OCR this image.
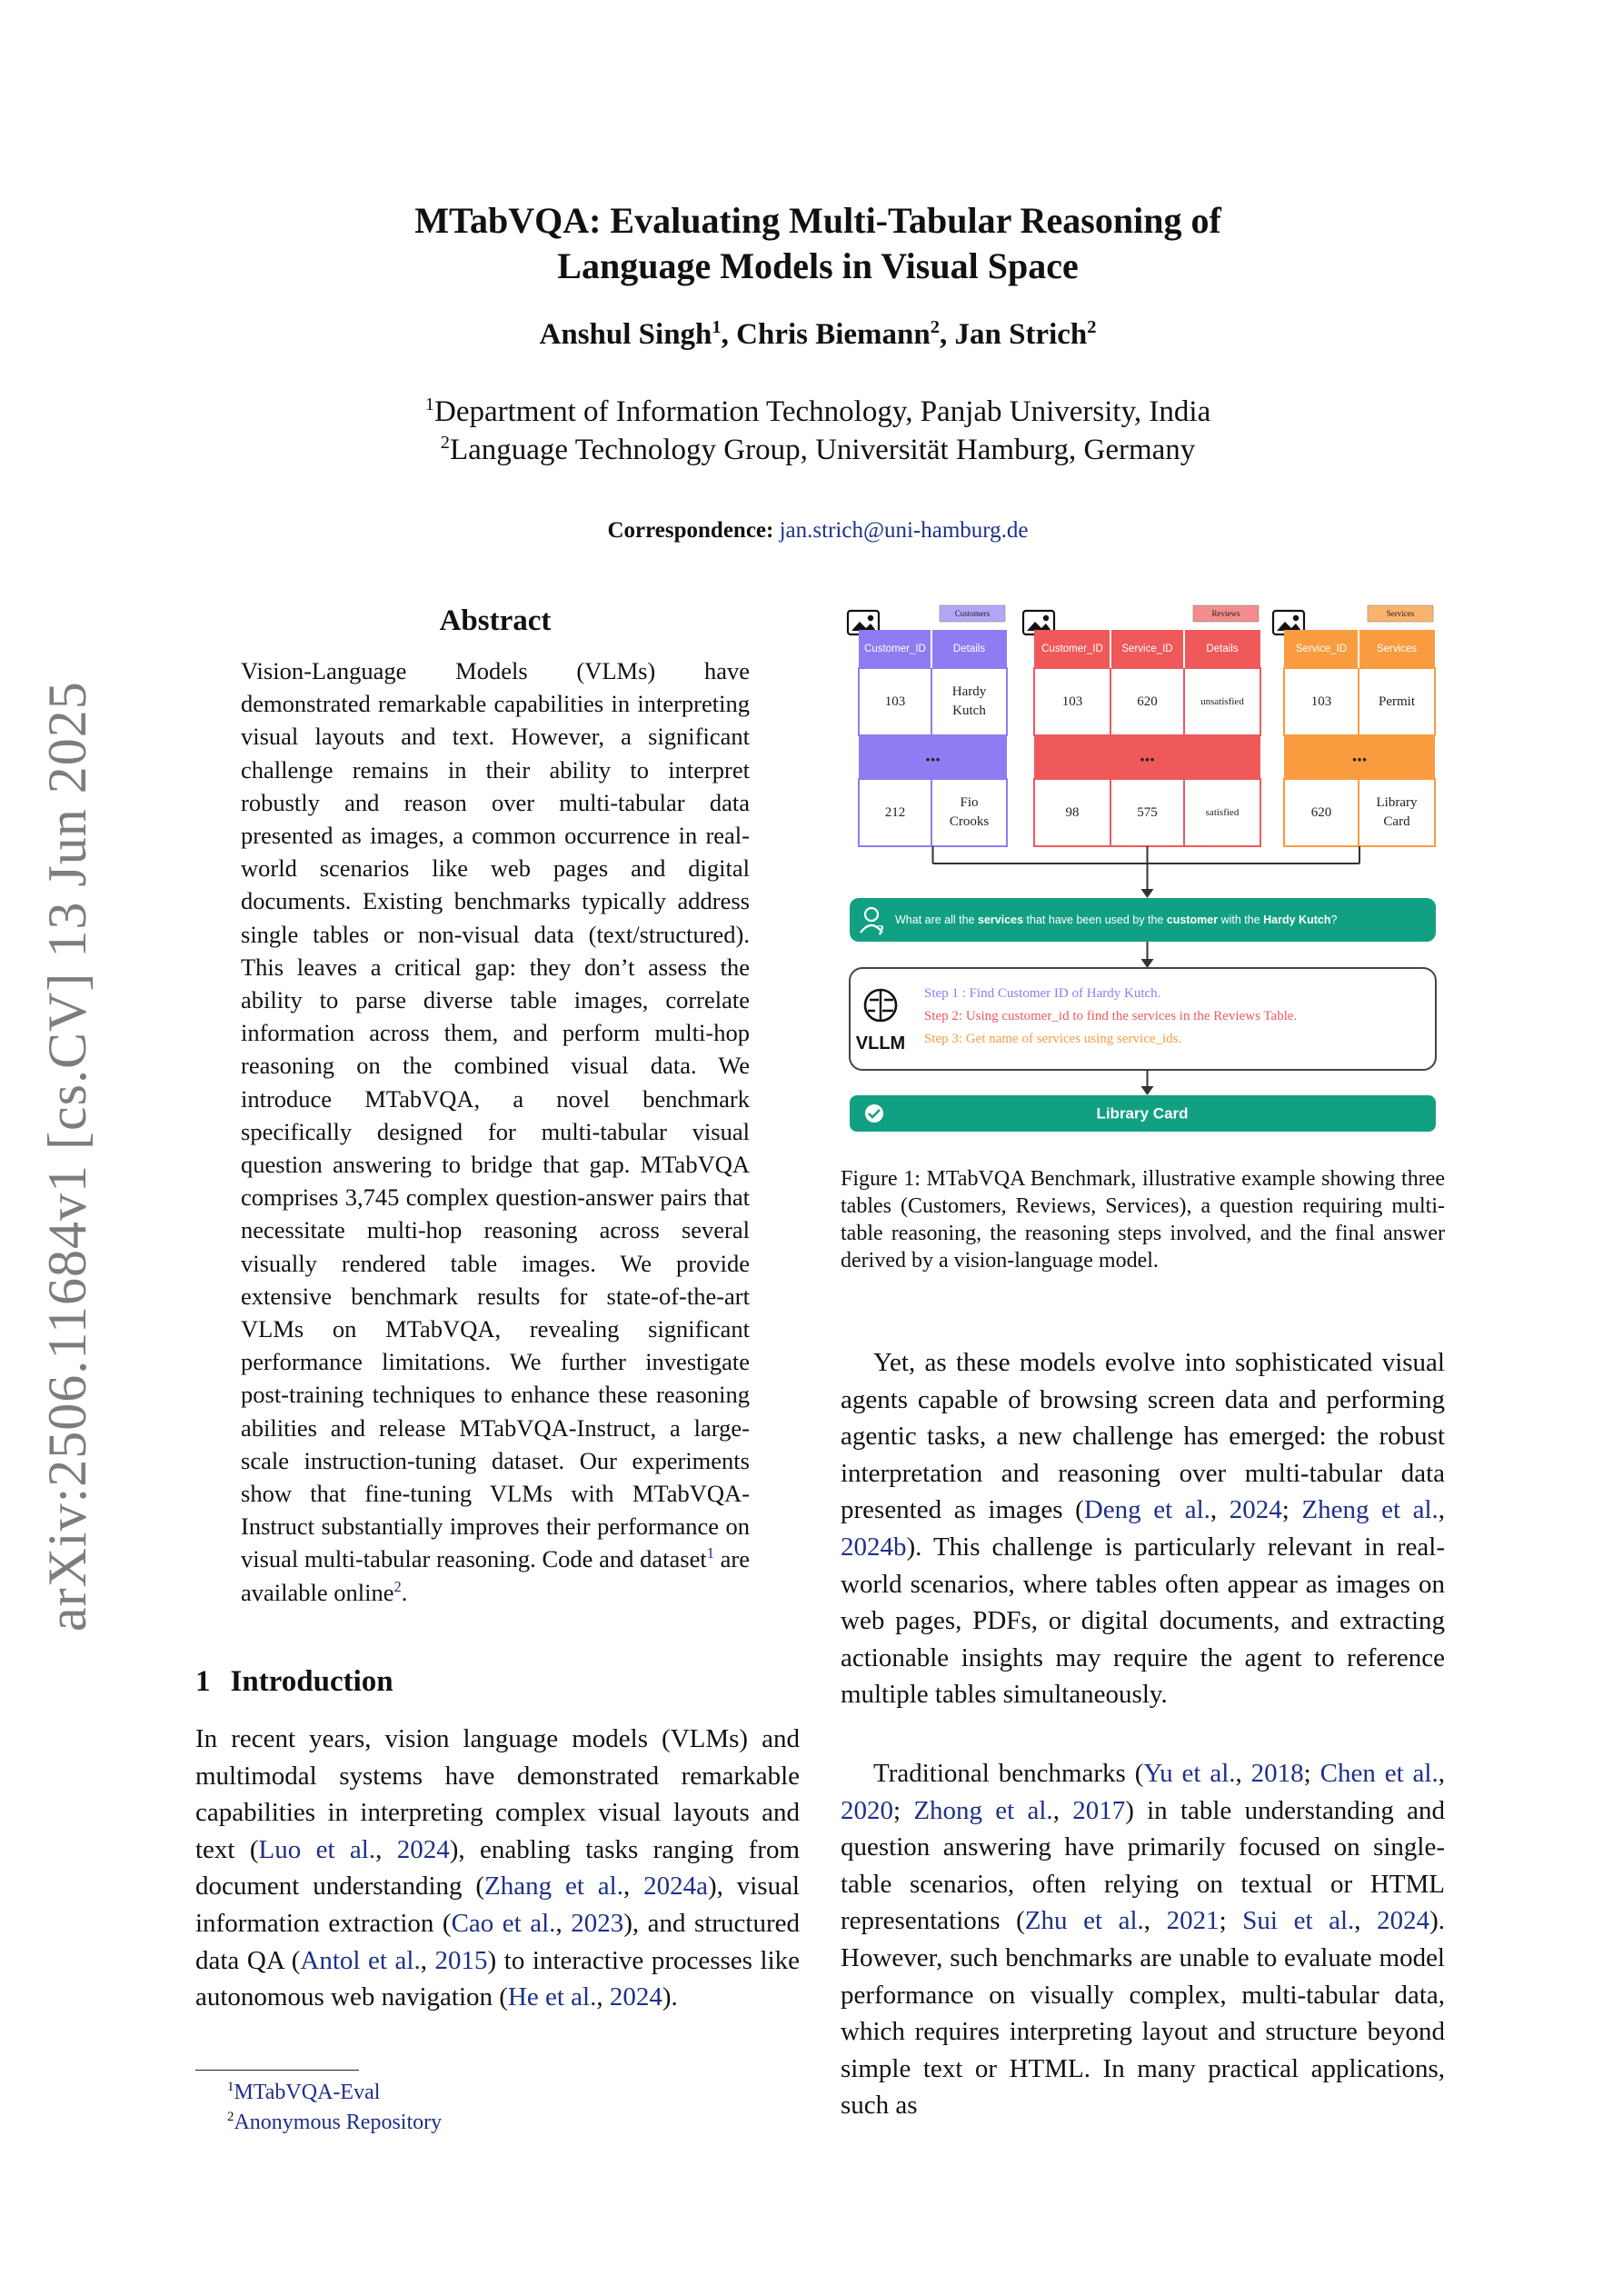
arXiv:2506.11684v1 [cs.CV] 13 Jun 2025
MTabVQA: Evaluating Multi-Tabular Reasoning of
Language Models in Visual Space
Anshul Singh$^1$, Chris Biemann$^2$, Jan Strich$^2$
$^1$Department of Information Technology, Panjab University, India
$^2$Language Technology Group, Universität Hamburg, Germany
Correspondence: jan.strich@uni-hamburg.de
Abstract
Vision-Language Models (VLMs) have demonstrated remarkable capabilities in interpreting visual layouts and text. However, a significant challenge remains in their ability to interpret robustly and reason over multi-tabular data presented as images, a common occurrence in real-world scenarios like web pages and digital documents. Existing benchmarks typically address single tables or non-visual data (text/structured). This leaves a critical gap: they don’t assess the ability to parse diverse table images, correlate information across them, and perform multi-hop reasoning on the combined visual data. We introduce MTabVQA, a novel benchmark specifically designed for multi-tabular visual question answering to bridge that gap. MTabVQA comprises 3,745 complex question-answer pairs that necessitate multi-hop reasoning across several visually rendered table images. We provide extensive benchmark results for state-of-the-art VLMs on MTabVQA, revealing significant performance limitations. We further investigate post-training techniques to enhance these reasoning abilities and release MTabVQA-Instruct, a large-scale instruction-tuning dataset. Our experiments show that fine-tuning VLMs with MTabVQA-Instruct substantially improves their performance on visual multi-tabular reasoning. Code and dataset$^1$ are available online$^2$.
1 Introduction
In recent years, vision language models (VLMs) and multimodal systems have demonstrated remarkable capabilities in interpreting complex visual layouts and text (Luo et al., 2024), enabling tasks ranging from document understanding (Zhang et al., 2024a), visual information extraction (Cao et al., 2023), and structured data QA (Antol et al., 2015) to interactive processes like autonomous web navigation (He et al., 2024).
$^1$MTabVQA-Eval
$^2$Anonymous Repository
Customers
...
Customer_ID
103
212
Details
Hardy Kutch
Fio Crooks
Reviews
...
Customer_ID
103
98
Service_ID
620
575
Details
unsatisfied
satisfied
Services
...
Service_ID
103
620
Services
Permit
Library Card
?
What are all the services that have been used by the customer with the Hardy Kutch?
VLLM
Step 1 : Find Customer ID of Hardy Kutch.
Step 2: Using customer_id to find the services in the Reviews Table.
Step 3: Get name of services using service_ids.
Library Card
Figure 1: MTabVQA Benchmark, illustrative example showing three tables (Customers, Reviews, Services), a question requiring multi-table reasoning, the reasoning steps involved, and the final answer derived by a vision-language model.
Yet, as these models evolve into sophisticated visual agents capable of browsing screen data and performing agentic tasks, a new challenge has emerged: the robust interpretation and reasoning over multi-tabular data presented as images (Deng et al., 2024; Zheng et al., 2024b). This challenge is particularly relevant in real-world scenarios, where tables often appear as images on web pages, PDFs, or digital documents, and extracting actionable insights may require the agent to reference multiple tables simultaneously.
Traditional benchmarks (Yu et al., 2018; Chen et al., 2020; Zhong et al., 2017) in table understanding and question answering have primarily focused on single-table scenarios, often relying on textual or HTML representations (Zhu et al., 2021; Sui et al., 2024). However, such benchmarks are unable to evaluate model performance on visually complex, multi-tabular data, which requires interpreting layout and structure beyond simple text or HTML. In many practical applications, such as
